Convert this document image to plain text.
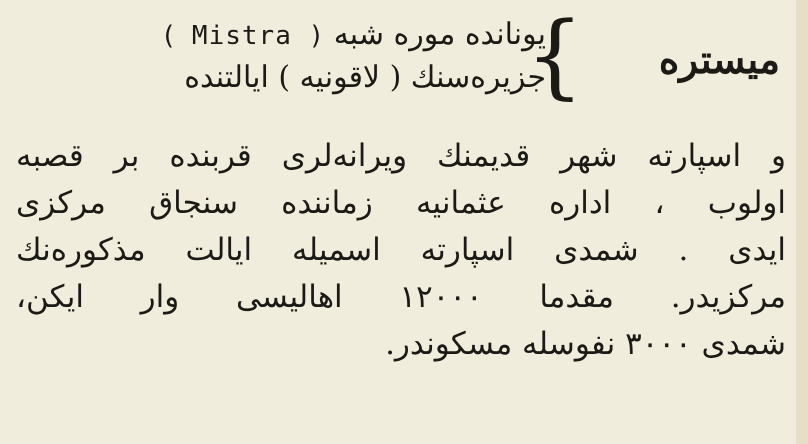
میستره
{
یونانده موره شبه ( Mistra )
جزیره‌سنك ( لاقونیه ) ایالتنده
و اسپارته شهر قدیمنك ویرانه‌لری قربنده بر قصبه
اولوب ، اداره عثمانیه زماننده سنجاق مرکزی
ایدی . شمدی اسپارته اسمیله ایالت مذکوره‌نك
مرکزیدر. مقدما ۱۲۰۰۰ اهالیسی وار ایکن،
شمدی ۳۰۰۰ نفوسله مسکوندر.
